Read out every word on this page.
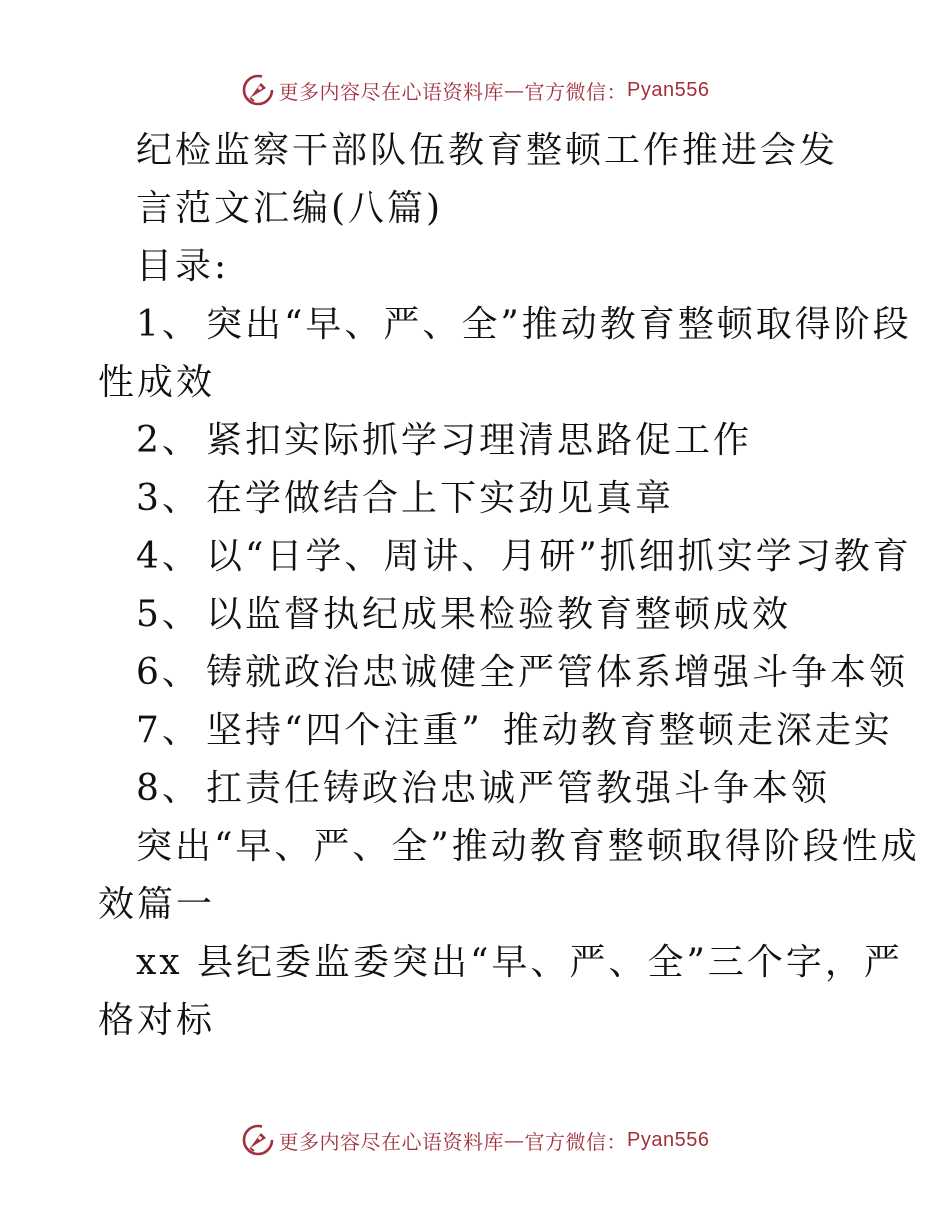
更多内容尽在心语资料库 — 官方微信： Pyan556
纪检监察干部队伍教育整顿工作推进会发
言范文汇编(八篇)
目录:
1、 突出“早、严、全”推动教育整顿取得阶段
性成效
2、 紧扣实际抓学习理清思路促工作
3、 在学做结合上下实劲见真章
4、 以“日学、周讲、月研”抓细抓实学习教育
5、 以监督执纪成果检验教育整顿成效
6、 铸就政治忠诚健全严管体系增强斗争本领
7、 坚持“四个注重” 推动教育整顿走深走实
8、 扛责任铸政治忠诚严管教强斗争本领
突出“早、严、全”推动教育整顿取得阶段性成
效篇一
xx 县纪委监委突出“早、严、全”三个字，严
格对标
更多内容尽在心语资料库 — 官方微信： Pyan556
